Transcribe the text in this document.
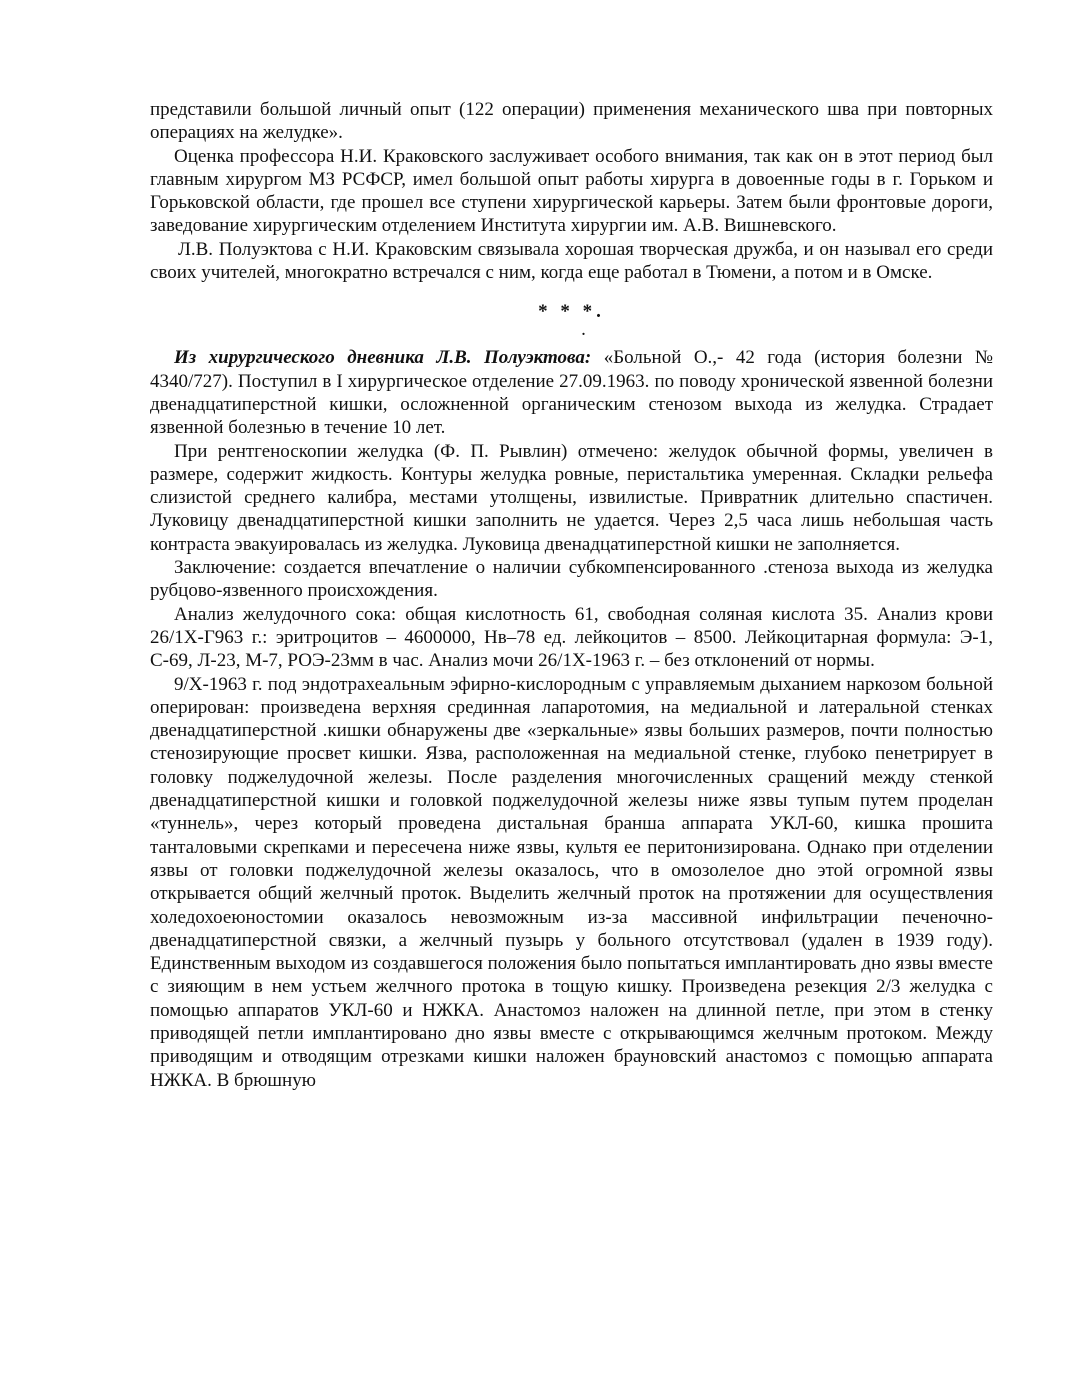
представили большой личный опыт (122 операции) применения механического шва при повторных операциях на желудке».

Оценка профессора Н.И. Краковского заслуживает особого внимания, так как он в этот период был главным хирургом МЗ РСФСР, имел большой опыт работы хирурга в довоенные годы в г. Горьком и Горьковской области, где прошел все ступени хирургической карьеры. Затем были фронтовые дороги, заведование хирургическим отделением Института хирургии им. А.В. Вишневского.

Л.В. Полуэктова с Н.И. Краковским связывала хорошая творческая дружба, и он называл его среди своих учителей, многократно встречался с ним, когда еще работал в Тюмени, а потом и в Омске.

* * *.
.

Из хирургического дневника Л.В. Полуэктова: «Больной О.,- 42 года (история болезни № 4340/727). Поступил в I хирургическое отделение 27.09.1963. по поводу хронической язвенной болезни двенадцатиперстной кишки, осложненной органическим стенозом выхода из желудка. Страдает язвенной болезнью в течение 10 лет.

При рентгеноскопии желудка (Ф. П. Рывлин) отмечено: желудок обычной формы, увеличен в размере, содержит жидкость. Контуры желудка ровные, перистальтика умеренная. Складки рельефа слизистой среднего калибра, местами утолщены, извилистые. Привратник длительно спастичен. Луковицу двенадцатиперстной кишки заполнить не удается. Через 2,5 часа лишь небольшая часть контраста эвакуировалась из желудка. Луковица двенадцатиперстной кишки не заполняется.

Заключение: создается впечатление о наличии субкомпенсированного .стеноза выхода из желудка рубцово-язвенного происхождения.

Анализ желудочного сока: общая кислотность 61, свободная соляная кислота 35. Анализ крови 26/1Х-Г963 г.: эритроцитов – 4600000, Нв–78 ед. лейкоцитов – 8500. Лейкоцитарная формула: Э-1, С-69, Л-23, М-7, РОЭ-23мм в час. Анализ мочи 26/1Х-1963 г. – без отклонений от нормы.

9/Х-1963 г. под эндотрахеальным эфирно-кислородным с управляемым дыханием наркозом больной оперирован: произведена верхняя срединная лапаротомия, на медиальной и латеральной стенках двенадцатиперстной .кишки обнаружены две «зеркальные» язвы больших размеров, почти полностью стенозирующие просвет кишки. Язва, расположенная на медиальной стенке, глубоко пенетрирует в головку поджелудочной железы. После разделения многочисленных сращений между стенкой двенадцатиперстной кишки и головкой поджелудочной железы ниже язвы тупым путем проделан «туннель», через который проведена дистальная бранша аппарата УКЛ-60, кишка прошита танталовыми скрепками и пересечена ниже язвы, культя ее перитонизирована. Однако при отделении язвы от головки поджелудочной железы оказалось, что в омозолелое дно этой огромной язвы открывается общий желчный проток. Выделить желчный проток на протяжении для осуществления холедохоеюностомии оказалось невозможным из-за массивной инфильтрации печеночно-двенадцатиперстной связки, а желчный пузырь у больного отсутствовал (удален в 1939 году). Единственным выходом из создавшегося положения было попытаться имплантировать дно язвы вместе с зияющим в нем устьем желчного протока в тощую кишку. Произведена резекция 2/3 желудка с помощью аппаратов УКЛ-60 и НЖКА. Анастомоз наложен на длинной петле, при этом в стенку приводящей петли имплантировано дно язвы вместе с открывающимся желчным протоком. Между приводящим и отводящим отрезками кишки наложен брауновский анастомоз с помощью аппарата НЖКА. В брюшную
